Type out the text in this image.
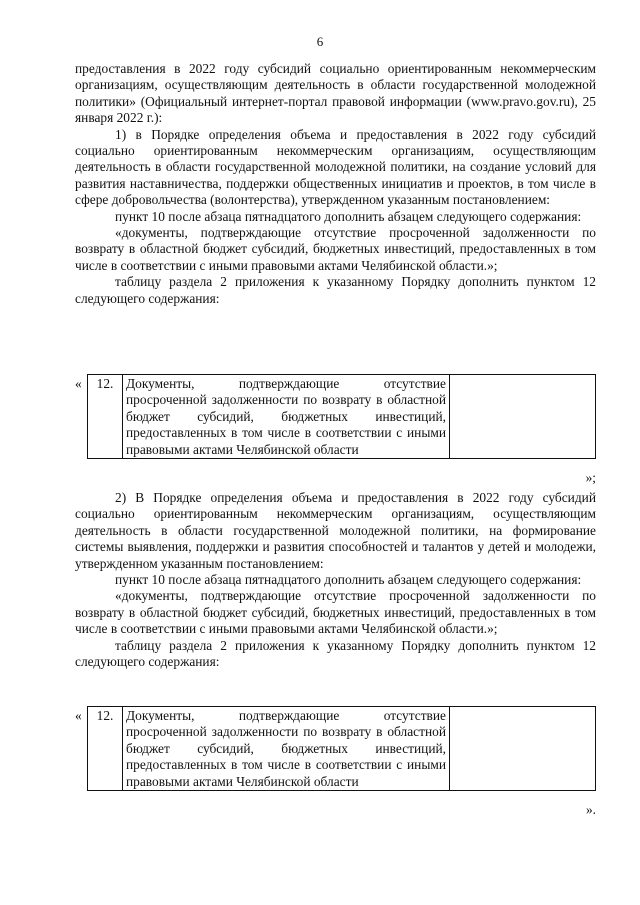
6

предоставления в 2022 году субсидий социально ориентированным некоммерческим организациям, осуществляющим деятельность в области государственной молодежной политики» (Официальный интернет-портал правовой информации (www.pravo.gov.ru), 25 января 2022 г.):

1) в Порядке определения объема и предоставления в 2022 году субсидий социально ориентированным некоммерческим организациям, осуществляющим деятельность в области государственной молодежной политики, на создание условий для развития наставничества, поддержки общественных инициатив и проектов, в том числе в сфере добровольчества (волонтерства), утвержденном указанным постановлением:

пункт 10 после абзаца пятнадцатого дополнить абзацем следующего содержания:

«документы, подтверждающие отсутствие просроченной задолженности по возврату в областной бюджет субсидий, бюджетных инвестиций, предоставленных в том числе в соответствии с иными правовыми актами Челябинской области.»;

таблицу раздела 2 приложения к указанному Порядку дополнить пунктом 12 следующего содержания:

« 12.	Документы, подтверждающие отсутствие просроченной задолженности по возврату в областной бюджет субсидий, бюджетных инвестиций, предоставленных в том числе в соответствии с иными правовыми актами Челябинской области	
»;

2) В Порядке определения объема и предоставления в 2022 году субсидий социально ориентированным некоммерческим организациям, осуществляющим деятельность в области государственной молодежной политики, на формирование системы выявления, поддержки и развития способностей и талантов у детей и молодежи, утвержденном указанным постановлением:

пункт 10 после абзаца пятнадцатого дополнить абзацем следующего содержания:

«документы, подтверждающие отсутствие просроченной задолженности по возврату в областной бюджет субсидий, бюджетных инвестиций, предоставленных в том числе в соответствии с иными правовыми актами Челябинской области.»;

таблицу раздела 2 приложения к указанному Порядку дополнить пунктом 12 следующего содержания:

« 12.	Документы, подтверждающие отсутствие просроченной задолженности по возврату в областной бюджет субсидий, бюджетных инвестиций, предоставленных в том числе в соответствии с иными правовыми актами Челябинской области	
».
